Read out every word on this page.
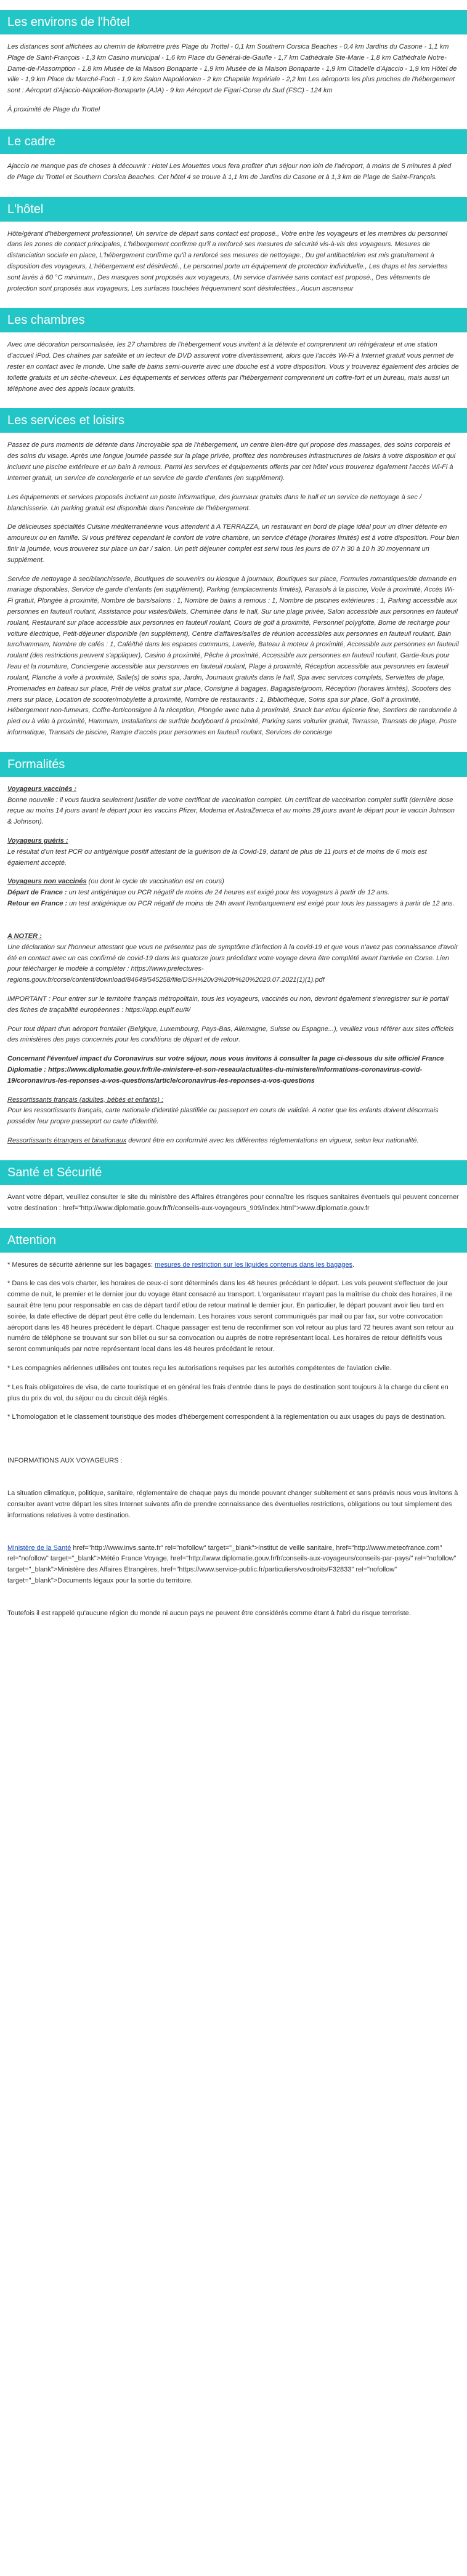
Les environs de l'hôtel

Les distances sont affichées au chemin de kilomètre près Plage du Trottel - 0,1 km Southern Corsica Beaches - 0,4 km Jardins du Casone - 1,1 km Plage de Saint-François - 1,3 km Casino municipal - 1,6 km Place du Général-de-Gaulle - 1,7 km Cathédrale Ste-Marie - 1,8 km Cathédrale Notre-Dame-de-l'Assomption - 1,8 km Musée de la Maison Bonaparte - 1,9 km Musée de la Maison Bonaparte - 1,9 km Citadelle d'Ajaccio - 1,9 km Hôtel de ville - 1,9 km Place du Marché-Foch - 1,9 km Salon Napoléonien - 2 km Chapelle Impériale - 2,2 km Les aéroports les plus proches de l'hébergement sont : Aéroport d'Ajaccio-Napoléon-Bonaparte (AJA) - 9 km Aéroport de Figari-Corse du Sud (FSC) - 124 km

À proximité de Plage du Trottel

Le cadre

Ajaccio ne manque pas de choses à découvrir : Hotel Les Mouettes vous fera profiter d'un séjour non loin de l'aéroport, à moins de 5 minutes à pied de Plage du Trottel et Southern Corsica Beaches. Cet hôtel 4 se trouve à 1,1 km de Jardins du Casone et à 1,3 km de Plage de Saint-François.

L'hôtel

Hôte/gérant d'hébergement professionnel, Un service de départ sans contact est proposé., Votre entre les voyageurs et les membres du personnel dans les zones de contact principales, L'hébergement confirme qu'il a renforcé ses mesures de sécurité vis-à-vis des voyageurs. Mesures de distanciation sociale en place, L'hébergement confirme qu'il a renforcé ses mesures de nettoyage., Du gel antibactérien est mis gratuitement à disposition des voyageurs, L'hébergement est désinfecté., Le personnel porte un équipement de protection individuelle., Les draps et les serviettes sont lavés à 60 °C minimum., Des masques sont proposés aux voyageurs, Un service d'arrivée sans contact est proposé., Des vêtements de protection sont proposés aux voyageurs, Les surfaces touchées fréquemment sont désinfectées., Aucun ascenseur

Les chambres

Avec une décoration personnalisée, les 27 chambres de l'hébergement vous invitent à la détente et comprennent un réfrigérateur et une station d'accueil iPod. Des chaînes par satellite et un lecteur de DVD assurent votre divertissement, alors que l'accès Wi-Fi à Internet gratuit vous permet de rester en contact avec le monde. Une salle de bains semi-ouverte avec une douche est à votre disposition. Vous y trouverez également des articles de toilette gratuits et un sèche-cheveux. Les équipements et services offerts par l'hébergement comprennent un coffre-fort et un bureau, mais aussi un téléphone avec des appels locaux gratuits.

Les services et loisirs

Passez de purs moments de détente dans l'incroyable spa de l'hébergement, un centre bien-être qui propose des massages, des soins corporels et des soins du visage. Après une longue journée passée sur la plage privée, profitez des nombreuses infrastructures de loisirs à votre disposition et qui incluent une piscine extérieure et un bain à remous. Parmi les services et équipements offerts par cet hôtel vous trouverez également l'accès Wi-Fi à Internet gratuit, un service de conciergerie et un service de garde d'enfants (en supplément).

Les équipements et services proposés incluent un poste informatique, des journaux gratuits dans le hall et un service de nettoyage à sec / blanchisserie. Un parking gratuit est disponible dans l'enceinte de l'hébergement.

De délicieuses spécialités Cuisine méditerranéenne vous attendent à A TERRAZZA, un restaurant en bord de plage idéal pour un dîner détente en amoureux ou en famille. Si vous préférez cependant le confort de votre chambre, un service d'étage (horaires limités) est à votre disposition. Pour bien finir la journée, vous trouverez sur place un bar / salon. Un petit déjeuner complet est servi tous les jours de 07 h 30 à 10 h 30 moyennant un supplément.

Service de nettoyage à sec/blanchisserie, Boutiques de souvenirs ou kiosque à journaux, Boutiques sur place, Formules romantiques/de demande en mariage disponibles, Service de garde d'enfants (en supplément), Parking (emplacements limités), Parasols à la piscine, Voile à proximité, Accès Wi-Fi gratuit, Plongée à proximité, Nombre de bars/salons : 1, Nombre de bains à remous : 1, Nombre de piscines extérieures : 1, Parking accessible aux personnes en fauteuil roulant, Assistance pour visites/billets, Cheminée dans le hall, Sur une plage privée, Salon accessible aux personnes en fauteuil roulant, Restaurant sur place accessible aux personnes en fauteuil roulant, Cours de golf à proximité, Personnel polyglotte, Borne de recharge pour voiture électrique, Petit-déjeuner disponible (en supplément), Centre d'affaires/salles de réunion accessibles aux personnes en fauteuil roulant, Bain turc/hammam, Nombre de cafés : 1, Café/thé dans les espaces communs, Laverie, Bateau à moteur à proximité, Accessible aux personnes en fauteuil roulant (des restrictions peuvent s'appliquer), Casino à proximité, Pêche à proximité, Accessible aux personnes en fauteuil roulant, Garde-fous pour l'eau et la nourriture, Conciergerie accessible aux personnes en fauteuil roulant, Plage à proximité, Réception accessible aux personnes en fauteuil roulant, Planche à voile à proximité, Salle(s) de soins spa, Jardin, Journaux gratuits dans le hall, Spa avec services complets, Serviettes de plage, Promenades en bateau sur place, Prêt de vélos gratuit sur place, Consigne à bagages, Bagagiste/groom, Réception (horaires limités), Scooters des mers sur place, Location de scooter/mobylette à proximité, Nombre de restaurants : 1, Bibliothèque, Soins spa sur place, Golf à proximité, Hébergement non-fumeurs, Coffre-fort/consigne à la réception, Plongée avec tuba à proximité, Snack bar et/ou épicerie fine, Sentiers de randonnée à pied ou à vélo à proximité, Hammam, Installations de surf/de bodyboard à proximité, Parking sans voiturier gratuit, Terrasse, Transats de plage, Poste informatique, Transats de piscine, Rampe d'accès pour personnes en fauteuil roulant, Services de concierge

Formalités

Voyageurs vaccinés :
Bonne nouvelle : il vous faudra seulement justifier de votre certificat de vaccination complet. Un certificat de vaccination complet suffit (dernière dose reçue au moins 14 jours avant le départ pour les vaccins Pfizer, Moderna et AstraZeneca et au moins 28 jours avant le départ pour le vaccin Johnson & Johnson).

Voyageurs guéris :
Le résultat d'un test PCR ou antigénique positif attestant de la guérison de la Covid-19, datant de plus de 11 jours et de moins de 6 mois est également accepté.

Voyageurs non vaccinés (ou dont le cycle de vaccination est en cours)
Départ de France : un test antigénique ou PCR négatif de moins de 24 heures est exigé pour les voyageurs à partir de 12 ans.
Retour en France : un test antigénique ou PCR négatif de moins de 24h avant l'embarquement est exigé pour tous les passagers à partir de 12 ans.

A NOTER :
Une déclaration sur l'honneur attestant que vous ne présentez pas de symptôme d'infection à la covid-19 et que vous n'avez pas connaissance d'avoir été en contact avec un cas confirmé de covid-19 dans les quatorze jours précédant votre voyage devra être complété avant l'arrivée en Corse. Lien pour télécharger le modèle à compléter : https://www.prefectures-regions.gouv.fr/corse/content/download/84649/545258/file/DSH%20v3%20fr%20%2020.07.2021(1)(1).pdf

IMPORTANT : Pour entrer sur le territoire français métropolitain, tous les voyageurs, vaccinés ou non, devront également s'enregistrer sur le portail des fiches de traçabilité européennes : https://app.euplf.eu/#/

Pour tout départ d'un aéroport frontalier (Belgique, Luxembourg, Pays-Bas, Allemagne, Suisse ou Espagne...), veuillez vous référer aux sites officiels des ministères des pays concernés pour les conditions de départ et de retour.

Concernant l'éventuel impact du Coronavirus sur votre séjour, nous vous invitons à consulter la page ci-dessous du site officiel France Diplomatie : https://www.diplomatie.gouv.fr/fr/le-ministere-et-son-reseau/actualites-du-ministere/informations-coronavirus-covid-19/coronavirus-les-reponses-a-vos-questions/article/coronavirus-les-reponses-a-vos-questions

Ressortissants français (adultes, bébés et enfants) :
Pour les ressortissants français, carte nationale d'identité plastifiée ou passeport en cours de validité. A noter que les enfants doivent désormais posséder leur propre passeport ou carte d'identité.

Ressortissants étrangers et binationaux devront être en conformité avec les différentes réglementations en vigueur, selon leur nationalité.

Santé et Sécurité

Avant votre départ, veuillez consulter le site du ministère des Affaires étrangères pour connaître les risques sanitaires éventuels qui peuvent concerner votre destination : href="http://www.diplomatie.gouv.fr/fr/conseils-aux-voyageurs_909/index.html">www.diplomatie.gouv.fr

Attention

* Mesures de sécurité aérienne sur les bagages: mesures de restriction sur les liquides contenus dans les bagages.

* Dans le cas des vols charter, les horaires de ceux-ci sont déterminés dans les 48 heures précédant le départ. Les vols peuvent s'effectuer de jour comme de nuit, le premier et le dernier jour du voyage étant consacré au transport. L'organisateur n'ayant pas la maîtrise du choix des horaires, il ne saurait être tenu pour responsable en cas de départ tardif et/ou de retour matinal le dernier jour. En particulier, le départ pouvant avoir lieu tard en soirée, la date effective de départ peut être celle du lendemain. Les horaires vous seront communiqués par mail ou par fax, sur votre convocation aéroport dans les 48 heures précédent le départ. Chaque passager est tenu de reconfirmer son vol retour au plus tard 72 heures avant son retour au numéro de téléphone se trouvant sur son billet ou sur sa convocation ou auprès de notre représentant local. Les horaires de retour définitifs vous seront communiqués par notre représentant local dans les 48 heures précédant le retour.

* Les compagnies aériennes utilisées ont toutes reçu les autorisations requises par les autorités compétentes de l'aviation civile.

* Les frais obligatoires de visa, de carte touristique et en général les frais d'entrée dans le pays de destination sont toujours à la charge du client en plus du prix du vol, du séjour ou du circuit déjà réglés.

* L'homologation et le classement touristique des modes d'hébergement correspondent à la réglementation ou aux usages du pays de destination.

INFORMATIONS AUX VOYAGEURS :

La situation climatique, politique, sanitaire, réglementaire de chaque pays du monde pouvant changer subitement et sans préavis nous vous invitons à consulter avant votre départ les sites Internet suivants afin de prendre connaissance des éventuelles restrictions, obligations ou tout simplement des informations relatives à votre destination.

Ministère de la Santé href="http://www.invs.sante.fr" rel="nofollow" target="_blank">Institut de veille sanitaire, href="http://www.meteofrance.com" rel="nofollow" target="_blank">Météo France Voyage, href="http://www.diplomatie.gouv.fr/fr/conseils-aux-voyageurs/conseils-par-pays/" rel="nofollow" target="_blank">Ministère des Affaires Etrangères, href="https://www.service-public.fr/particuliers/vosdroits/F32833" rel="nofollow" target="_blank">Documents légaux pour la sortie du territoire.

Toutefois il est rappelé qu'aucune région du monde ni aucun pays ne peuvent être considérés comme étant à l'abri du risque terroriste.
